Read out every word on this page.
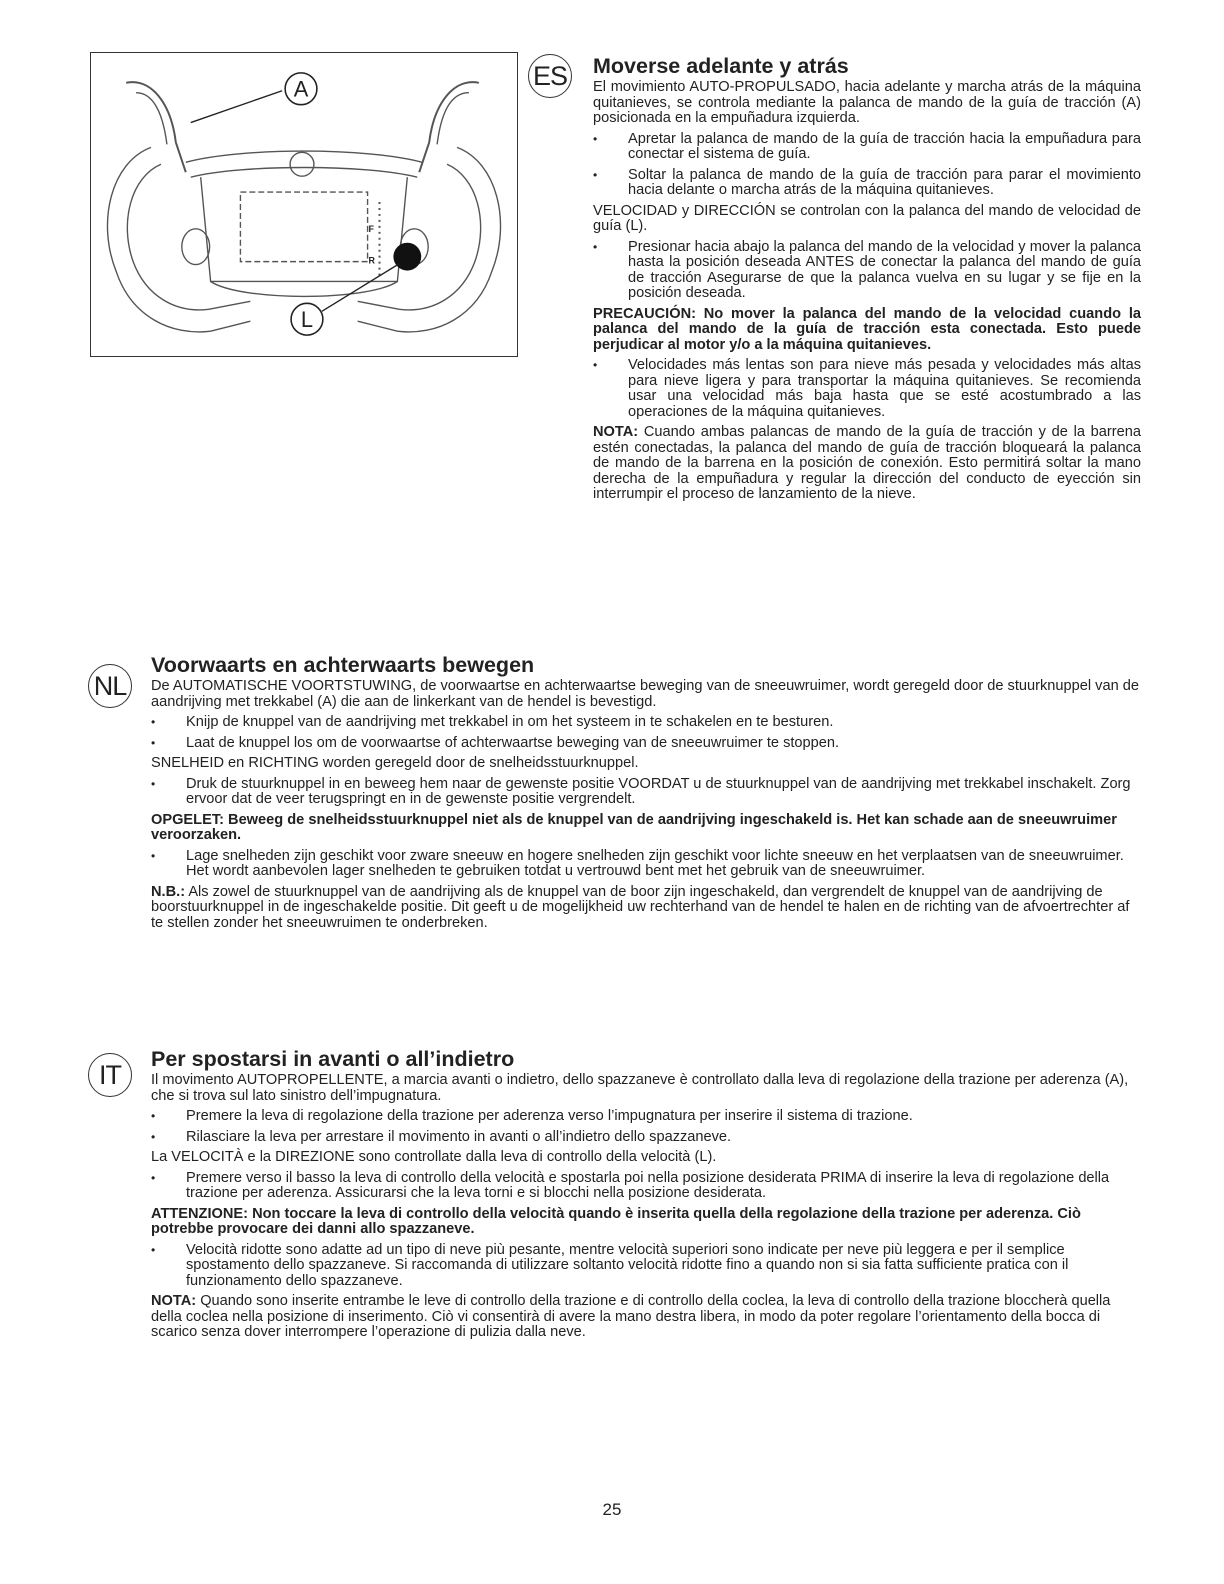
A
L
F
R
ES Moverse adelante y atrás

El movimiento AUTO-PROPULSADO, hacia adelante y marcha atrás de la máquina quitanieves, se controla mediante la palanca de mando de la guía de tracción (A) posicionada en la empuñadura izquierda.

• Apretar la palanca de mando de la guía de tracción hacia la empuñadura para conectar el sistema de guía.
• Soltar la palanca de mando de la guía de tracción para parar el movimiento hacia delante o marcha atrás de la máquina quitanieves.

VELOCIDAD y DIRECCIÓN se controlan con la palanca del mando de velocidad de guía (L).

• Presionar hacia abajo la palanca del mando de la velocidad y mover la palanca hasta la posición deseada ANTES de conectar la palanca del mando de guía de tracción Asegurarse de que la palanca vuelva en su lugar y se fije en la posición deseada.

PRECAUCIÓN: No mover la palanca del mando de la velocidad cuando la palanca del mando de la guía de tracción esta conectada. Esto puede perjudicar al motor y/o a la máquina quitanieves.

• Velocidades más lentas son para nieve más pesada y velocidades más altas para nieve ligera y para transportar la máquina quitanieves. Se recomienda usar una velocidad más baja hasta que se esté acostumbrado a las operaciones de la máquina quitanieves.

NOTA: Cuando ambas palancas de mando de la guía de tracción y de la barrena estén conectadas, la palanca del mando de guía de tracción bloqueará la palanca de mando de la barrena en la posición de conexión. Esto permitirá soltar la mano derecha de la empuñadura y regular la dirección del conducto de eyección sin interrumpir el proceso de lanzamiento de la nieve.

NL
Voorwaarts en achterwaarts bewegen

De AUTOMATISCHE VOORTSTUWING, de voorwaartse en achterwaartse beweging van de sneeuwruimer, wordt geregeld door de stuurknuppel van de aandrijving met trekkabel (A) die aan de linkerkant van de hendel is bevestigd.

• Knijp de knuppel van de aandrijving met trekkabel in om het systeem in te schakelen en te besturen.
• Laat de knuppel los om de voorwaartse of achterwaartse beweging van de sneeuwruimer te stoppen.

SNELHEID en RICHTING worden geregeld door de snelheidsstuurknuppel.

• Druk de stuurknuppel in en beweeg hem naar de gewenste positie VOORDAT u de stuurknuppel van de aandrijving met trekkabel inschakelt. Zorg ervoor dat de veer terugspringt en in de gewenste positie vergrendelt.

OPGELET: Beweeg de snelheidsstuurknuppel niet als de knuppel van de aandrijving ingeschakeld is. Het kan schade aan de sneeuwruimer veroorzaken.

• Lage snelheden zijn geschikt voor zware sneeuw en hogere snelheden zijn geschikt voor lichte sneeuw en het verplaatsen van de sneeuwruimer. Het wordt aanbevolen lager snelheden te gebruiken totdat u vertrouwd bent met het gebruik van de sneeuwruimer.

N.B.: Als zowel de stuurknuppel van de aandrijving als de knuppel van de boor zijn ingeschakeld, dan vergrendelt de knuppel van de aandrijving de boorstuurknuppel in de ingeschakelde positie. Dit geeft u de mogelijkheid uw rechterhand van de hendel te halen en de richting van de afvoertrechter af te stellen zonder het sneeuwruimen te onderbreken.

IT
Per spostarsi in avanti o all’indietro

Il movimento AUTOPROPELLENTE, a marcia avanti o indietro, dello spazzaneve è controllato dalla leva di regolazione della trazione per aderenza (A), che si trova sul lato sinistro dell’impugnatura.

• Premere la leva di regolazione della trazione per aderenza verso l’impugnatura per inserire il sistema di trazione.
• Rilasciare la leva per arrestare il movimento in avanti o all’indietro dello spazzaneve.

La VELOCITÀ e la DIREZIONE sono controllate dalla leva di controllo della velocità (L).

• Premere verso il basso la leva di controllo della velocità e spostarla poi nella posizione desiderata PRIMA di inserire la leva di regolazione della trazione per aderenza. Assicurarsi che la leva torni e si blocchi nella posizione desiderata.

ATTENZIONE: Non toccare la leva di controllo della velocità quando è inserita quella della regolazione della trazione per aderenza. Ciò potrebbe provocare dei danni allo spazzaneve.

• Velocità ridotte sono adatte ad un tipo di neve più pesante, mentre velocità superiori sono indicate per neve più leggera e per il semplice spostamento dello spazzaneve. Si raccomanda di utilizzare soltanto velocità ridotte fino a quando non si sia fatta sufficiente pratica con il funzionamento dello spazzaneve.

NOTA: Quando sono inserite entrambe le leve di controllo della trazione e di controllo della coclea, la leva di controllo della trazione bloccherà quella della coclea nella posizione di inserimento. Ciò vi consentirà di avere la mano destra libera, in modo da poter regolare l’orientamento della bocca di scarico senza dover interrompere l’operazione di pulizia dalla neve.

25
